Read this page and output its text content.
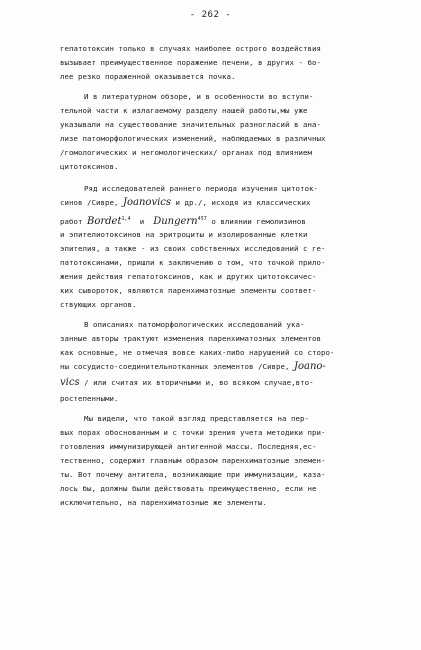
- 262 -
гепатотоксин только в случаях наиболее острого воздействия
вызывает преимущественное поражение печени, в других - бо-
лее резко пораженной оказывается почка.
И в литературном обзоре, и в особенности во вступи-
тельной части к излагаемому разделу нашей работы,мы уже
указывали на существование значительных разногласий в ана-
лизе патоморфологических изменений, наблюдаемых в различных
/гомологических и негомологических/ органах под влиянием
цитотоксинов.
Ряд исследователей раннего периода изучения цитоток-
синов /Сивре, Joanovics и др./, исходя из классических
работ Bordet$^{1,4}$ и Dungern$^{457}$ о влиянии гемолизинов
и эпителиотоксинов на эритроциты и изолированные клетки
эпителия, а также - из своих собственных исследований с ге-
патотоксинами, пришли к заключению о том, что точкой прило-
жения действия гепатотоксинов, как и других цитотоксичес-
ких сывороток, являются паренхиматозные элементы соответ-
ствующих органов.
В описаниях патоморфологических исследований ука-
занные авторы трактуют изменения паренхиматозных элементов
как основные, не отмечая вовсе каких-либо нарушений со сторо-
ны сосудисто-соединительнотканных элементов /Сивре, Joano-
vics / или считая их вторичными и, во всяком случае,вто-
ростепенными.
Мы видели, что такой взгляд представляется на пер-
вых порах обоснованным и с точки зрения учета методики при-
готовления иммунизирующей антигенной массы. Последняя,ес-
тественно, содержит главным образом паренхиматозные элемен-
ты. Вот почему антитела, возникающие при иммунизации, каза-
лось бы, должны были действовать преимущественно, если не
исключительно, на паренхиматозные же элементы.
